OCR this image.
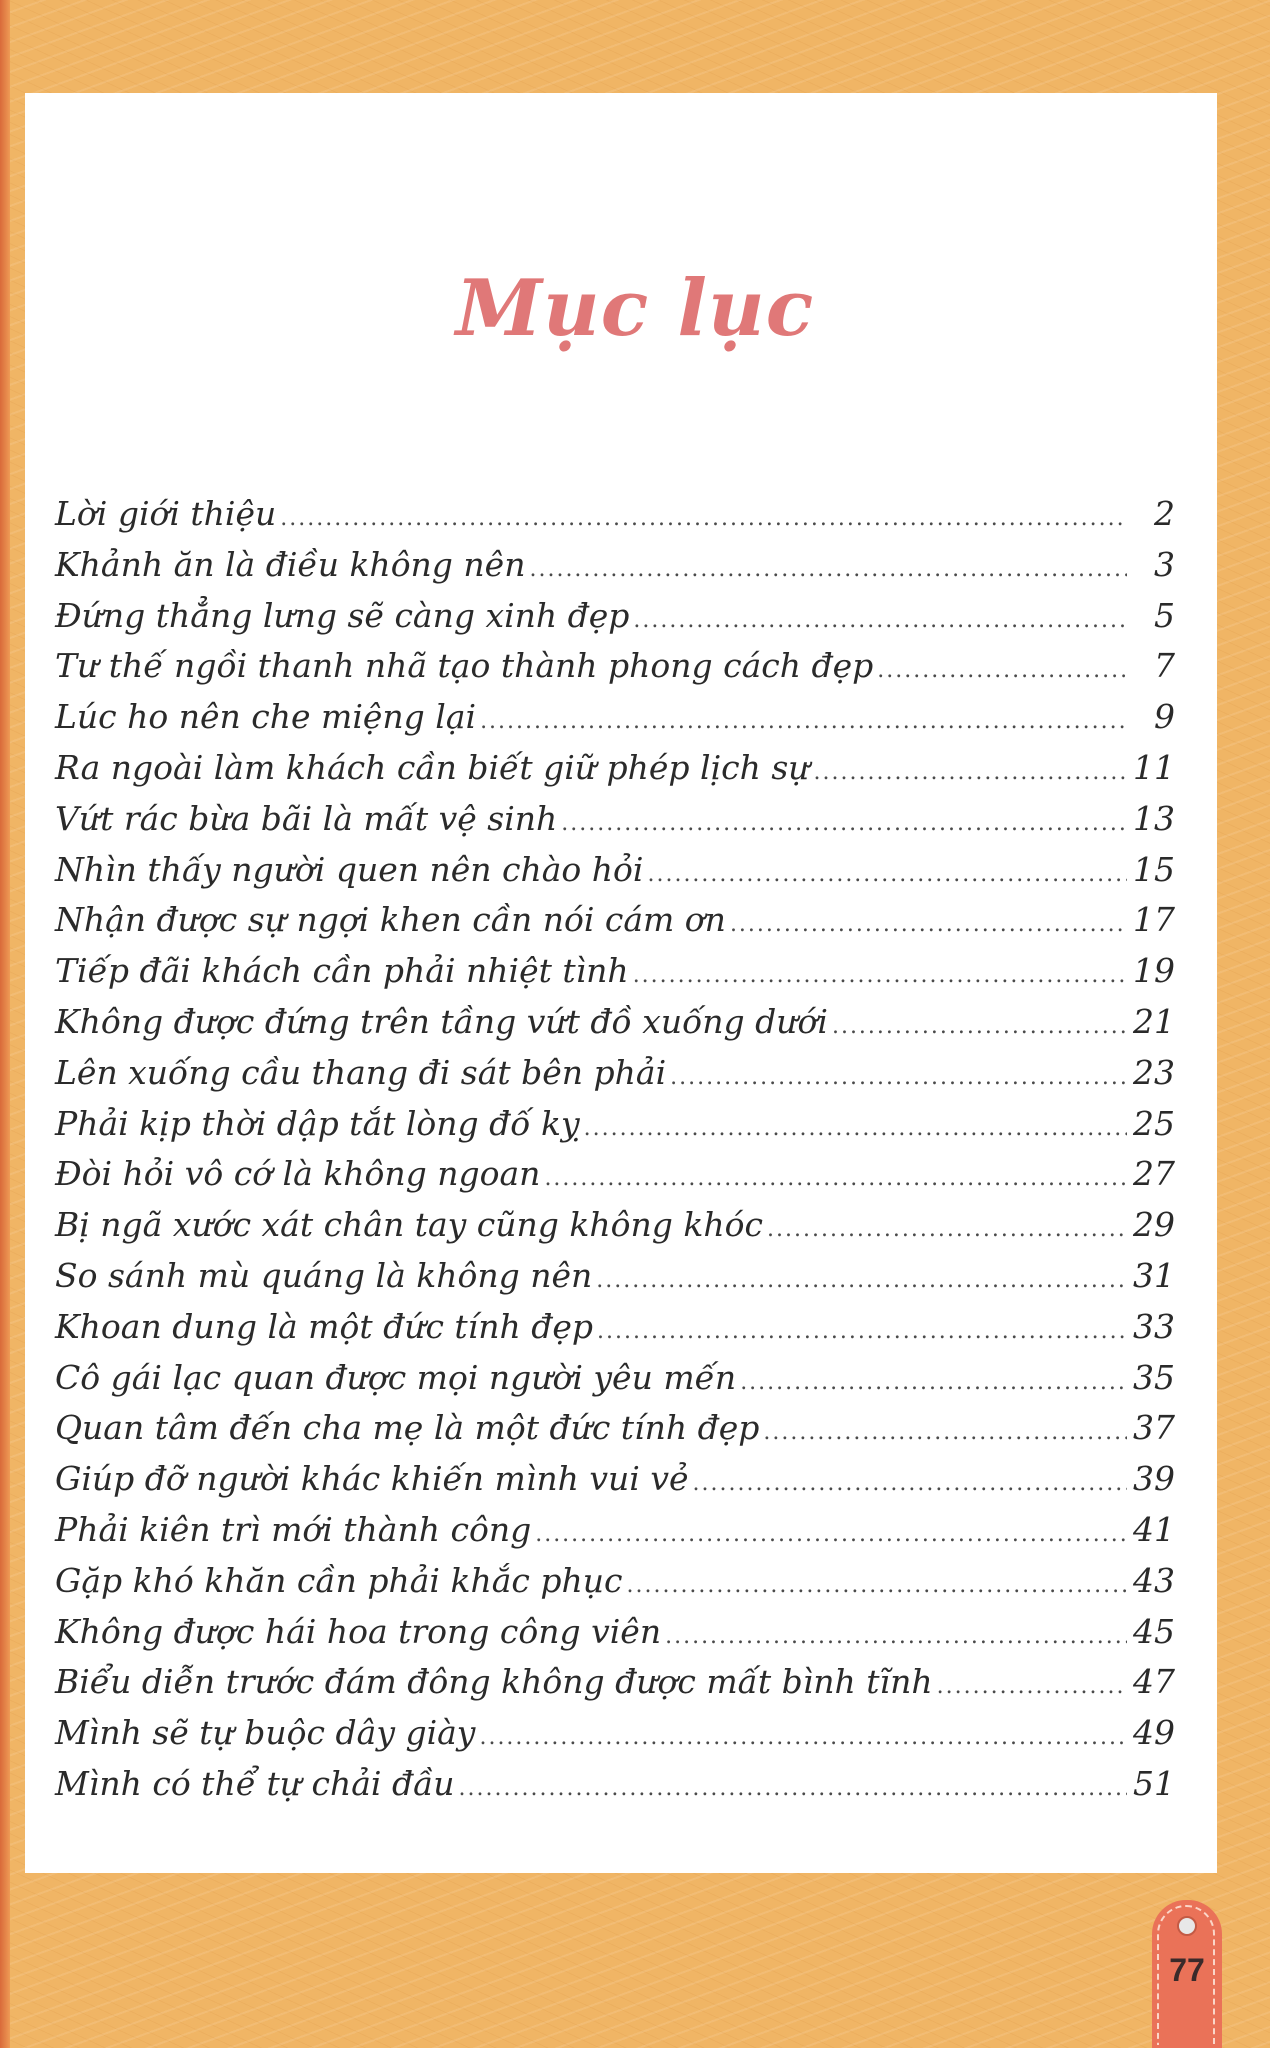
Mục lục
Lời giới thiệu .....	2
Khảnh ăn là điều không nên .....	3
Đứng thẳng lưng sẽ càng xinh đẹp .....	5
Tư thế ngồi thanh nhã tạo thành phong cách đẹp .....	7
Lúc ho nên che miệng lại .....	9
Ra ngoài làm khách cần biết giữ phép lịch sự .....	11
Vứt rác bừa bãi là mất vệ sinh .....	13
Nhìn thấy người quen nên chào hỏi .....	15
Nhận được sự ngợi khen cần nói cám ơn .....	17
Tiếp đãi khách cần phải nhiệt tình .....	19
Không được đứng trên tầng vứt đồ xuống dưới .....	21
Lên xuống cầu thang đi sát bên phải .....	23
Phải kịp thời dập tắt lòng đố kỵ .....	25
Đòi hỏi vô cớ là không ngoan .....	27
Bị ngã xước xát chân tay cũng không khóc .....	29
So sánh mù quáng là không nên .....	31
Khoan dung là một đức tính đẹp .....	33
Cô gái lạc quan được mọi người yêu mến .....	35
Quan tâm đến cha mẹ là một đức tính đẹp .....	37
Giúp đỡ người khác khiến mình vui vẻ .....	39
Phải kiên trì mới thành công .....	41
Gặp khó khăn cần phải khắc phục .....	43
Không được hái hoa trong công viên .....	45
Biểu diễn trước đám đông không được mất bình tĩnh .....	47
Mình sẽ tự buộc dây giày .....	49
Mình có thể tự chải đầu .....	51
77
